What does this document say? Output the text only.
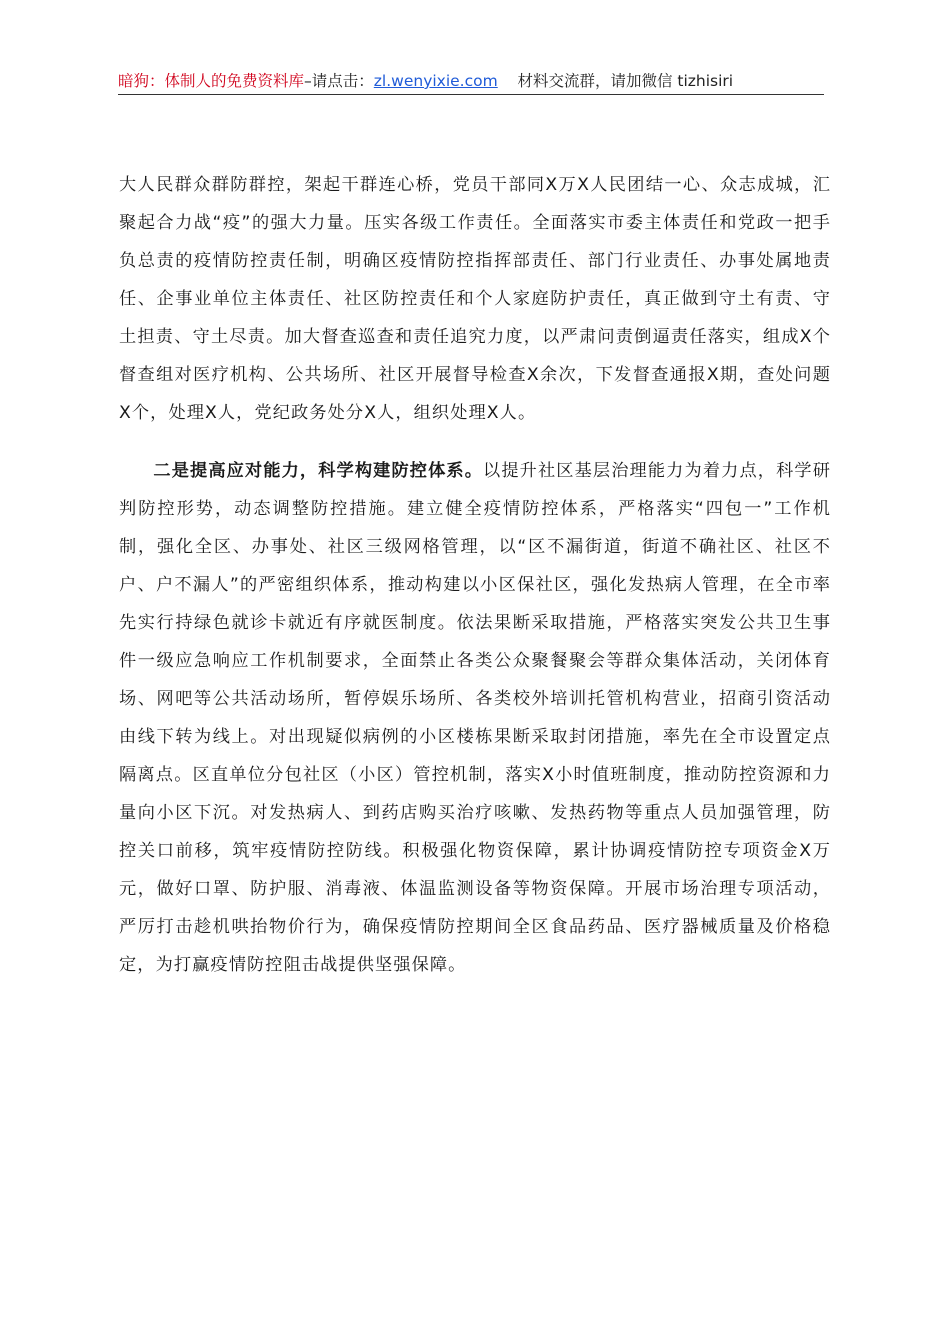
暗狗：体制人的免费资料库–请点击：zl.wenyixie.com 材料交流群，请加微信 tizhisiri

大人民群众群防群控，架起干群连心桥，党员干部同X万X人民团结一心、众志成城，汇聚起合力战“疫”的强大力量。压实各级工作责任。全面落实市委主体责任和党政一把手负总责的疫情防控责任制，明确区疫情防控指挥部责任、部门行业责任、办事处属地责任、企事业单位主体责任、社区防控责任和个人家庭防护责任，真正做到守土有责、守土担责、守土尽责。加大督查巡查和责任追究力度，以严肃问责倒逼责任落实，组成X个督查组对医疗机构、公共场所、社区开展督导检查X余次，下发督查通报X期，查处问题X个，处理X人，党纪政务处分X人，组织处理X人。

二是提高应对能力，科学构建防控体系。以提升社区基层治理能力为着力点，科学研判防控形势，动态调整防控措施。建立健全疫情防控体系，严格落实“四包一”工作机制，强化全区、办事处、社区三级网格管理，以“区不漏街道，街道不确社区、社区不户、户不漏人”的严密组织体系，推动构建以小区保社区，强化发热病人管理，在全市率先实行持绿色就诊卡就近有序就医制度。依法果断采取措施，严格落实突发公共卫生事件一级应急响应工作机制要求，全面禁止各类公众聚餐聚会等群众集体活动，关闭体育场、网吧等公共活动场所，暂停娱乐场所、各类校外培训托管机构营业，招商引资活动由线下转为线上。对出现疑似病例的小区楼栋果断采取封闭措施，率先在全市设置定点隔离点。区直单位分包社区（小区）管控机制，落实X小时值班制度，推动防控资源和力量向小区下沉。对发热病人、到药店购买治疗咳嗽、发热药物等重点人员加强管理，防控关口前移，筑牢疫情防控防线。积极强化物资保障，累计协调疫情防控专项资金X万元，做好口罩、防护服、消毒液、体温监测设备等物资保障。开展市场治理专项活动，严厉打击趁机哄抬物价行为，确保疫情防控期间全区食品药品、医疗器械质量及价格稳定，为打赢疫情防控阻击战提供坚强保障。
